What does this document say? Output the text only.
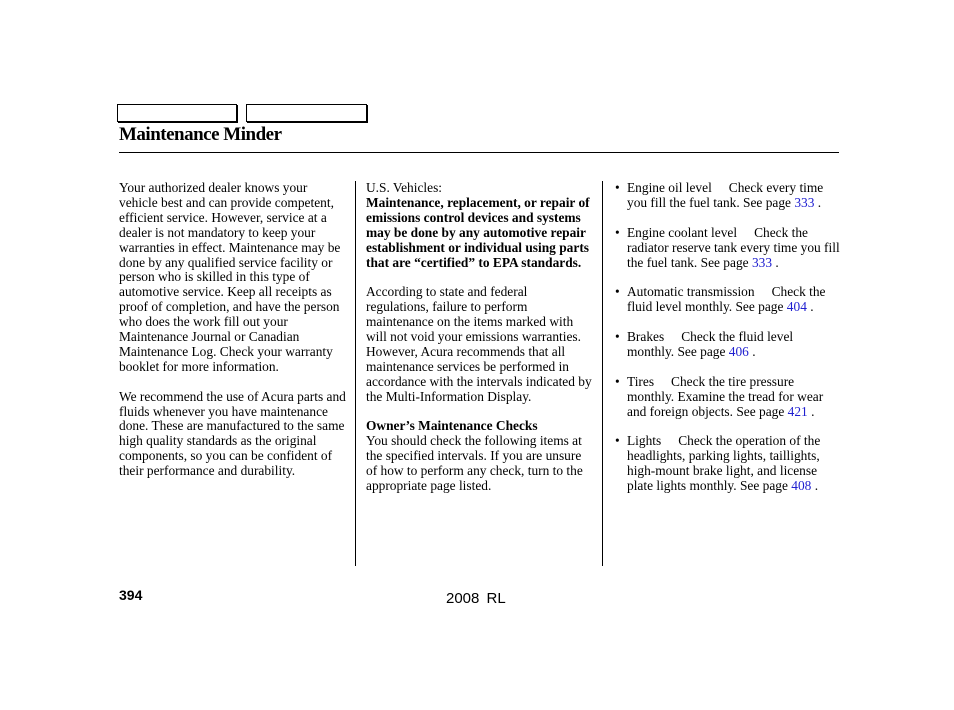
Maintenance Minder

Your authorized dealer knows your vehicle best and can provide competent, efficient service. However, service at a dealer is not mandatory to keep your warranties in effect. Maintenance may be done by any qualified service facility or person who is skilled in this type of automotive service. Keep all receipts as proof of completion, and have the person who does the work fill out your Maintenance Journal or Canadian Maintenance Log. Check your warranty booklet for more information.

We recommend the use of Acura parts and fluids whenever you have maintenance done. These are manufactured to the same high quality standards as the original components, so you can be confident of their performance and durability.

U.S. Vehicles:

Maintenance, replacement, or repair of emissions control devices and systems may be done by any automotive repair establishment or individual using parts that are “certified” to EPA standards.

According to state and federal regulations, failure to perform maintenance on the items marked withwill not void your emissions warranties. However, Acura recommends that all maintenance services be performed in accordance with the intervals indicated by the Multi-Information Display.

Owner’s Maintenance Checks

You should check the following items at the specified intervals. If you are unsure of how to perform any check, turn to the appropriate page listed.

• Engine oil level Check every time you fill the fuel tank. See page 333 .
• Engine coolant level Check the radiator reserve tank every time you fill the fuel tank. See page 333 .
• Automatic transmission Check the fluid level monthly. See page 404 .
• Brakes Check the fluid level monthly. See page 406 .
• Tires Check the tire pressure monthly. Examine the tread for wear and foreign objects. See page 421 .
• Lights Check the operation of the headlights, parking lights, taillights, high-mount brake light, and license plate lights monthly. See page 408 .
394	2008 RL
